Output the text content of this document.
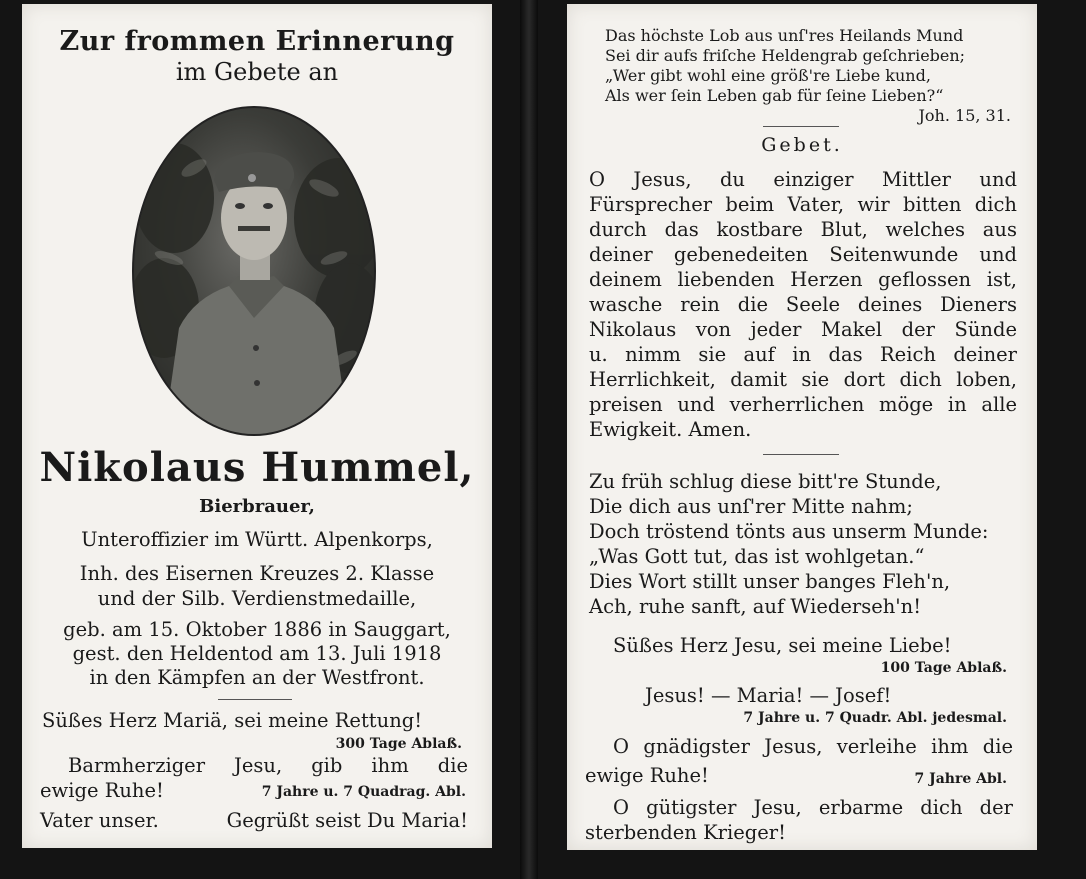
Zur frommen Erinnerung
im Gebete an
Nikolaus Hummel,
Bierbrauer,
Unteroffizier im Württ. Alpenkorps,
Inh. des Eisernen Kreuzes 2. Klasse
und der Silb. Verdienstmedaille,
geb. am 15. Oktober 1886 in Sauggart,
gest. den Heldentod am 13. Juli 1918
in den Kämpfen an der Westfront.
Süßes Herz Mariä, sei meine Rettung!
300 Tage Ablaß.
Barmherziger Jesu, gib ihm die
ewige Ruhe!	7 Jahre u. 7 Quadrag. Abl.
Vater unser.	Gegrüßt seist Du Maria!
Das höchste Lob aus unſ'res Heilands Mund
Sei dir aufs friſche Heldengrab geſchrieben;
„Wer gibt wohl eine größ're Liebe kund,
Als wer ſein Leben gab für ſeine Lieben?“
Joh. 15, 31.
Gebet.
O Jesus, du einziger Mittler und
Fürsprecher beim Vater, wir bitten dich
durch das kostbare Blut, welches aus
deiner gebenedeiten Seitenwunde und
deinem liebenden Herzen geflossen ist,
wasche rein die Seele deines Dieners
Nikolaus von jeder Makel der Sünde
u. nimm sie auf in das Reich deiner
Herrlichkeit, damit sie dort dich loben,
preisen und verherrlichen möge in alle
Ewigkeit. Amen.
Zu früh schlug diese bitt're Stunde,
Die dich aus unſ'rer Mitte nahm;
Doch tröstend tönts aus unserm Munde:
„Was Gott tut, das ist wohlgetan.“
Dies Wort stillt unser banges Fleh'n,
Ach, ruhe sanft, auf Wiederseh'n!
Süßes Herz Jesu, sei meine Liebe!
100 Tage Ablaß.
Jesus! — Maria! — Josef!
7 Jahre u. 7 Quadr. Abl. jedesmal.
O gnädigster Jesus, verleihe ihm die
ewige Ruhe!	7 Jahre Abl.
O gütigster Jesu, erbarme dich der
sterbenden Krieger!
